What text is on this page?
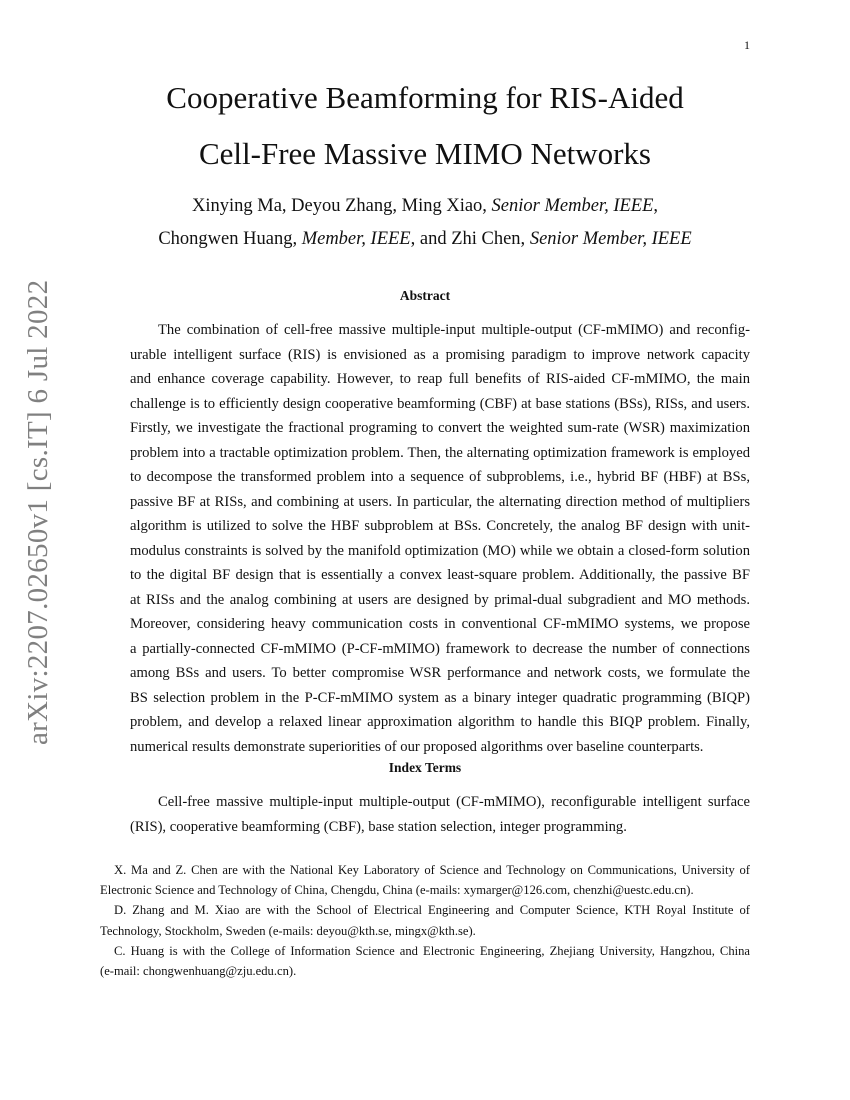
1
arXiv:2207.02650v1 [cs.IT] 6 Jul 2022
Cooperative Beamforming for RIS-Aided
Cell-Free Massive MIMO Networks
Xinying Ma, Deyou Zhang, Ming Xiao, Senior Member, IEEE,
Chongwen Huang, Member, IEEE, and Zhi Chen, Senior Member, IEEE
Abstract
The combination of cell-free massive multiple-input multiple-output (CF-mMIMO) and reconfig-
urable intelligent surface (RIS) is envisioned as a promising paradigm to improve network capacity
and enhance coverage capability. However, to reap full benefits of RIS-aided CF-mMIMO, the main
challenge is to efficiently design cooperative beamforming (CBF) at base stations (BSs), RISs, and users.
Firstly, we investigate the fractional programing to convert the weighted sum-rate (WSR) maximization
problem into a tractable optimization problem. Then, the alternating optimization framework is employed
to decompose the transformed problem into a sequence of subproblems, i.e., hybrid BF (HBF) at BSs,
passive BF at RISs, and combining at users. In particular, the alternating direction method of multipliers
algorithm is utilized to solve the HBF subproblem at BSs. Concretely, the analog BF design with unit-
modulus constraints is solved by the manifold optimization (MO) while we obtain a closed-form solution
to the digital BF design that is essentially a convex least-square problem. Additionally, the passive BF
at RISs and the analog combining at users are designed by primal-dual subgradient and MO methods.
Moreover, considering heavy communication costs in conventional CF-mMIMO systems, we propose
a partially-connected CF-mMIMO (P-CF-mMIMO) framework to decrease the number of connections
among BSs and users. To better compromise WSR performance and network costs, we formulate the
BS selection problem in the P-CF-mMIMO system as a binary integer quadratic programming (BIQP)
problem, and develop a relaxed linear approximation algorithm to handle this BIQP problem. Finally,
numerical results demonstrate superiorities of our proposed algorithms over baseline counterparts.
Index Terms
Cell-free massive multiple-input multiple-output (CF-mMIMO), reconfigurable intelligent surface
(RIS), cooperative beamforming (CBF), base station selection, integer programming.
X. Ma and Z. Chen are with the National Key Laboratory of Science and Technology on Communications, University of
Electronic Science and Technology of China, Chengdu, China (e-mails: xymarger@126.com, chenzhi@uestc.edu.cn).
D. Zhang and M. Xiao are with the School of Electrical Engineering and Computer Science, KTH Royal Institute of
Technology, Stockholm, Sweden (e-mails: deyou@kth.se, mingx@kth.se).
C. Huang is with the College of Information Science and Electronic Engineering, Zhejiang University, Hangzhou, China
(e-mail: chongwenhuang@zju.edu.cn).
